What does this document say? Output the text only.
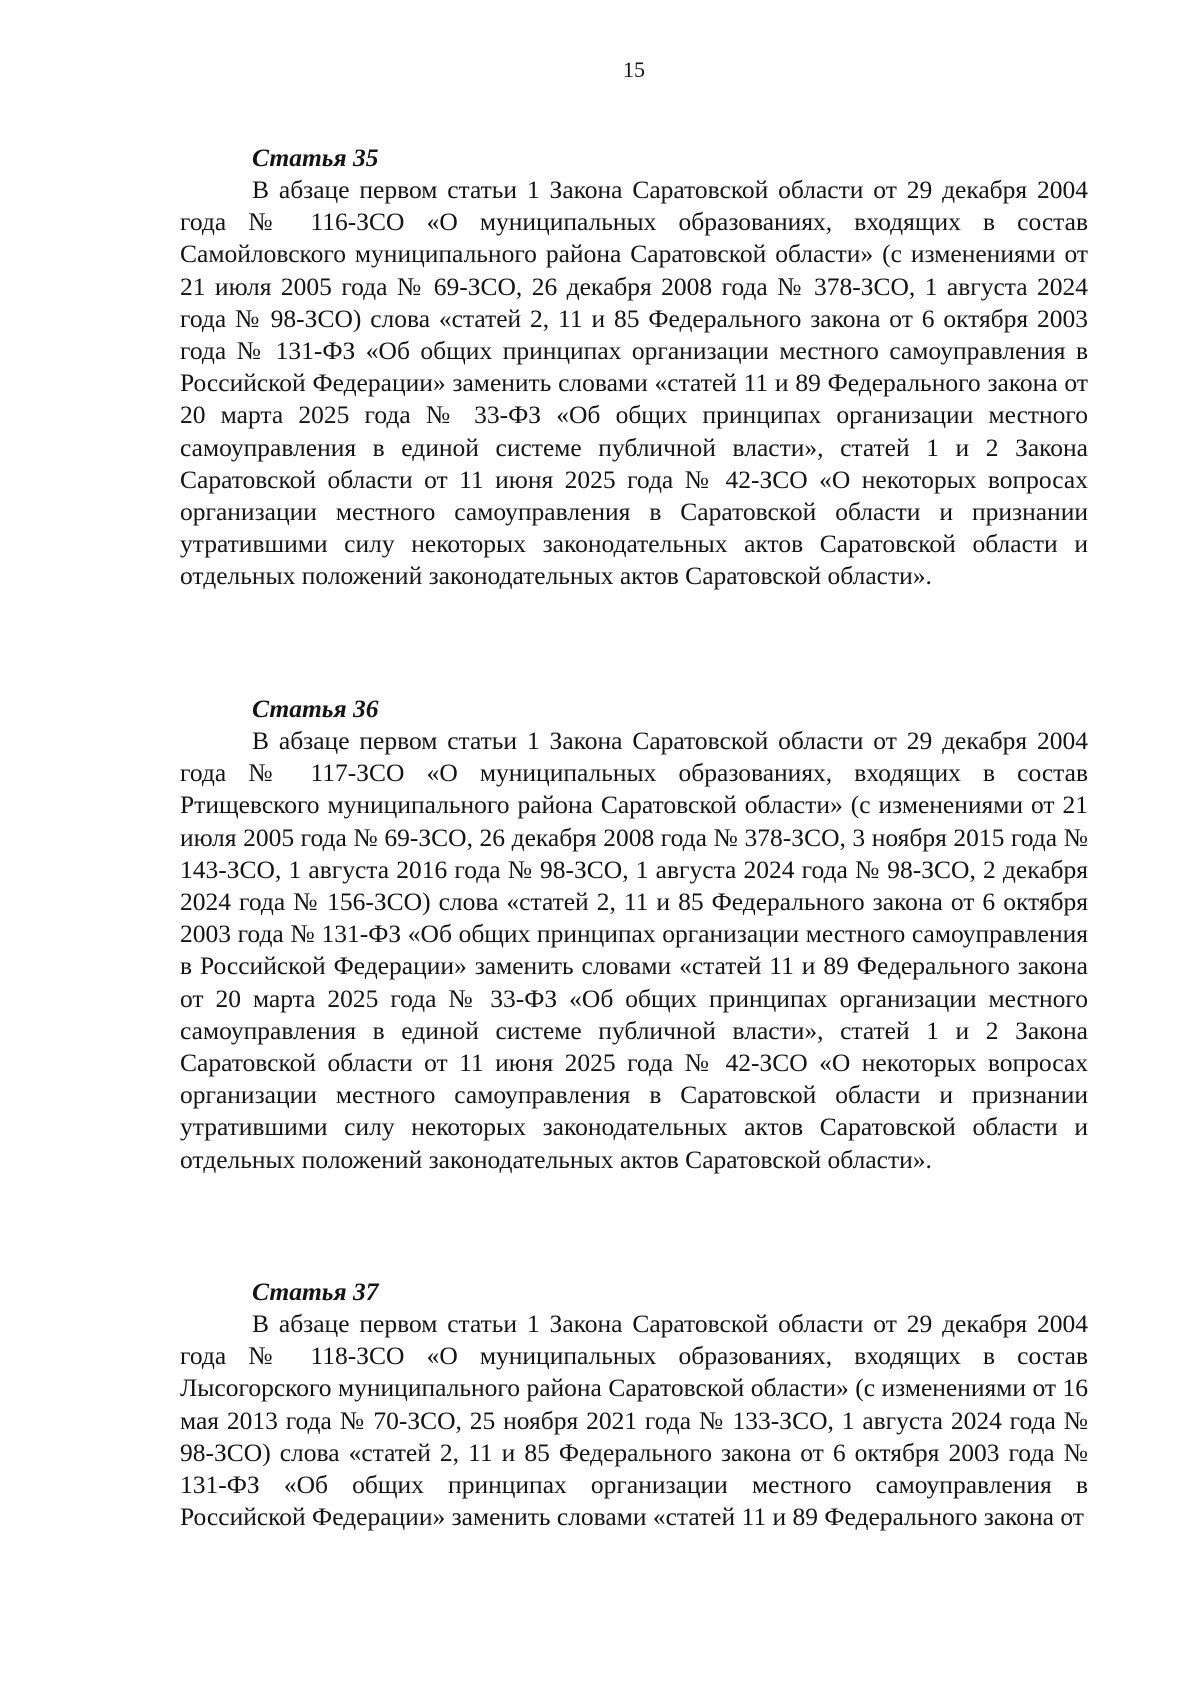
15

Статья 35

В абзаце первом статьи 1 Закона Саратовской области от 29 декабря 2004 года № 116-ЗСО «О муниципальных образованиях, входящих в состав Самойловского муниципального района Саратовской области» (с изменениями от 21 июля 2005 года № 69-ЗСО, 26 декабря 2008 года № 378-ЗСО, 1 августа 2024 года № 98-ЗСО) слова «статей 2, 11 и 85 Федерального закона от 6 октября 2003 года № 131-ФЗ «Об общих принципах организации местного самоуправления в Российской Федерации» заменить словами «статей 11 и 89 Федерального закона от 20 марта 2025 года № 33-ФЗ «Об общих принципах организации местного самоуправления в единой системе публичной власти», статей 1 и 2 Закона Саратовской области от 11 июня 2025 года № 42-ЗСО «О некоторых вопросах организации местного самоуправления в Саратовской области и признании утратившими силу некоторых законодательных актов Саратовской области и отдельных положений законодательных актов Саратовской области».

Статья 36

В абзаце первом статьи 1 Закона Саратовской области от 29 декабря 2004 года № 117-ЗСО «О муниципальных образованиях, входящих в состав Ртищевского муниципального района Саратовской области» (с изменениями от 21 июля 2005 года № 69-ЗСО, 26 декабря 2008 года № 378-ЗСО, 3 ноября 2015 года № 143-ЗСО, 1 августа 2016 года № 98-ЗСО, 1 августа 2024 года № 98-ЗСО, 2 декабря 2024 года № 156-ЗСО) слова «статей 2, 11 и 85 Федерального закона от 6 октября 2003 года № 131-ФЗ «Об общих принципах организации местного самоуправления в Российской Федерации» заменить словами «статей 11 и 89 Федерального закона от 20 марта 2025 года № 33-ФЗ «Об общих принципах организации местного самоуправления в единой системе публичной власти», статей 1 и 2 Закона Саратовской области от 11 июня 2025 года № 42-ЗСО «О некоторых вопросах организации местного самоуправления в Саратовской области и признании утратившими силу некоторых законодательных актов Саратовской области и отдельных положений законодательных актов Саратовской области».

Статья 37

В абзаце первом статьи 1 Закона Саратовской области от 29 декабря 2004 года № 118-ЗСО «О муниципальных образованиях, входящих в состав Лысогорского муниципального района Саратовской области» (с изменениями от 16 мая 2013 года № 70-ЗСО, 25 ноября 2021 года № 133-ЗСО, 1 августа 2024 года № 98-ЗСО) слова «статей 2, 11 и 85 Федерального закона от 6 октября 2003 года № 131-ФЗ «Об общих принципах организации местного самоуправления в Российской Федерации» заменить словами «статей 11 и 89 Федерального закона от
